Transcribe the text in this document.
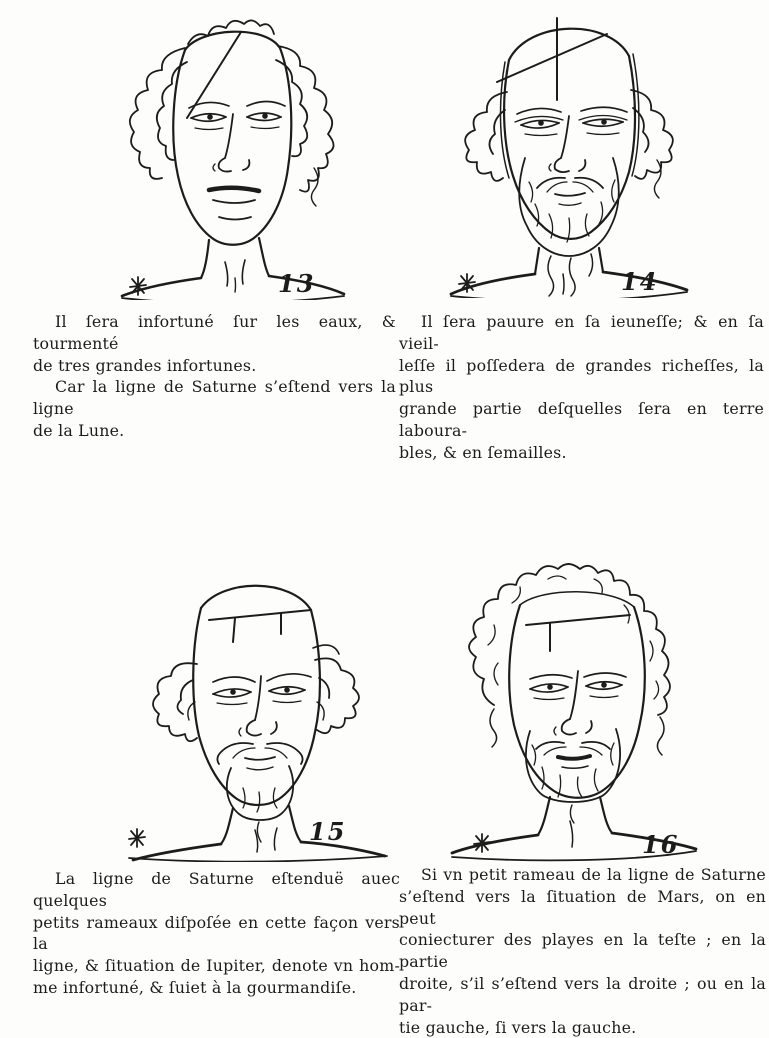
13	14
Il ſera infortuné ſur les eaux, & tourmenté
de tres grandes infortunes.
Car la ligne de Saturne s’eſtend vers la ligne
de la Lune.
Il ſera pauure en ſa ieuneſſe; & en ſa vieil-
leſſe il poſſedera de grandes richeſſes, la plus
grande partie deſquelles ſera en terre laboura-
bles, & en ſemailles.
15	16
La ligne de Saturne eſtenduë auec quelques
petits rameaux diſpoſée en cette façon vers la
ligne, & ſituation de Iupiter, denote vn hom-
me infortuné, & ſuiet à la gourmandiſe.
Si vn petit rameau de la ligne de Saturne
s’eſtend vers la ſituation de Mars, on en peut
coniecturer des playes en la teſte ; en la partie
droite, s’il s’eſtend vers la droite ; ou en la par-
tie gauche, ſi vers la gauche.
